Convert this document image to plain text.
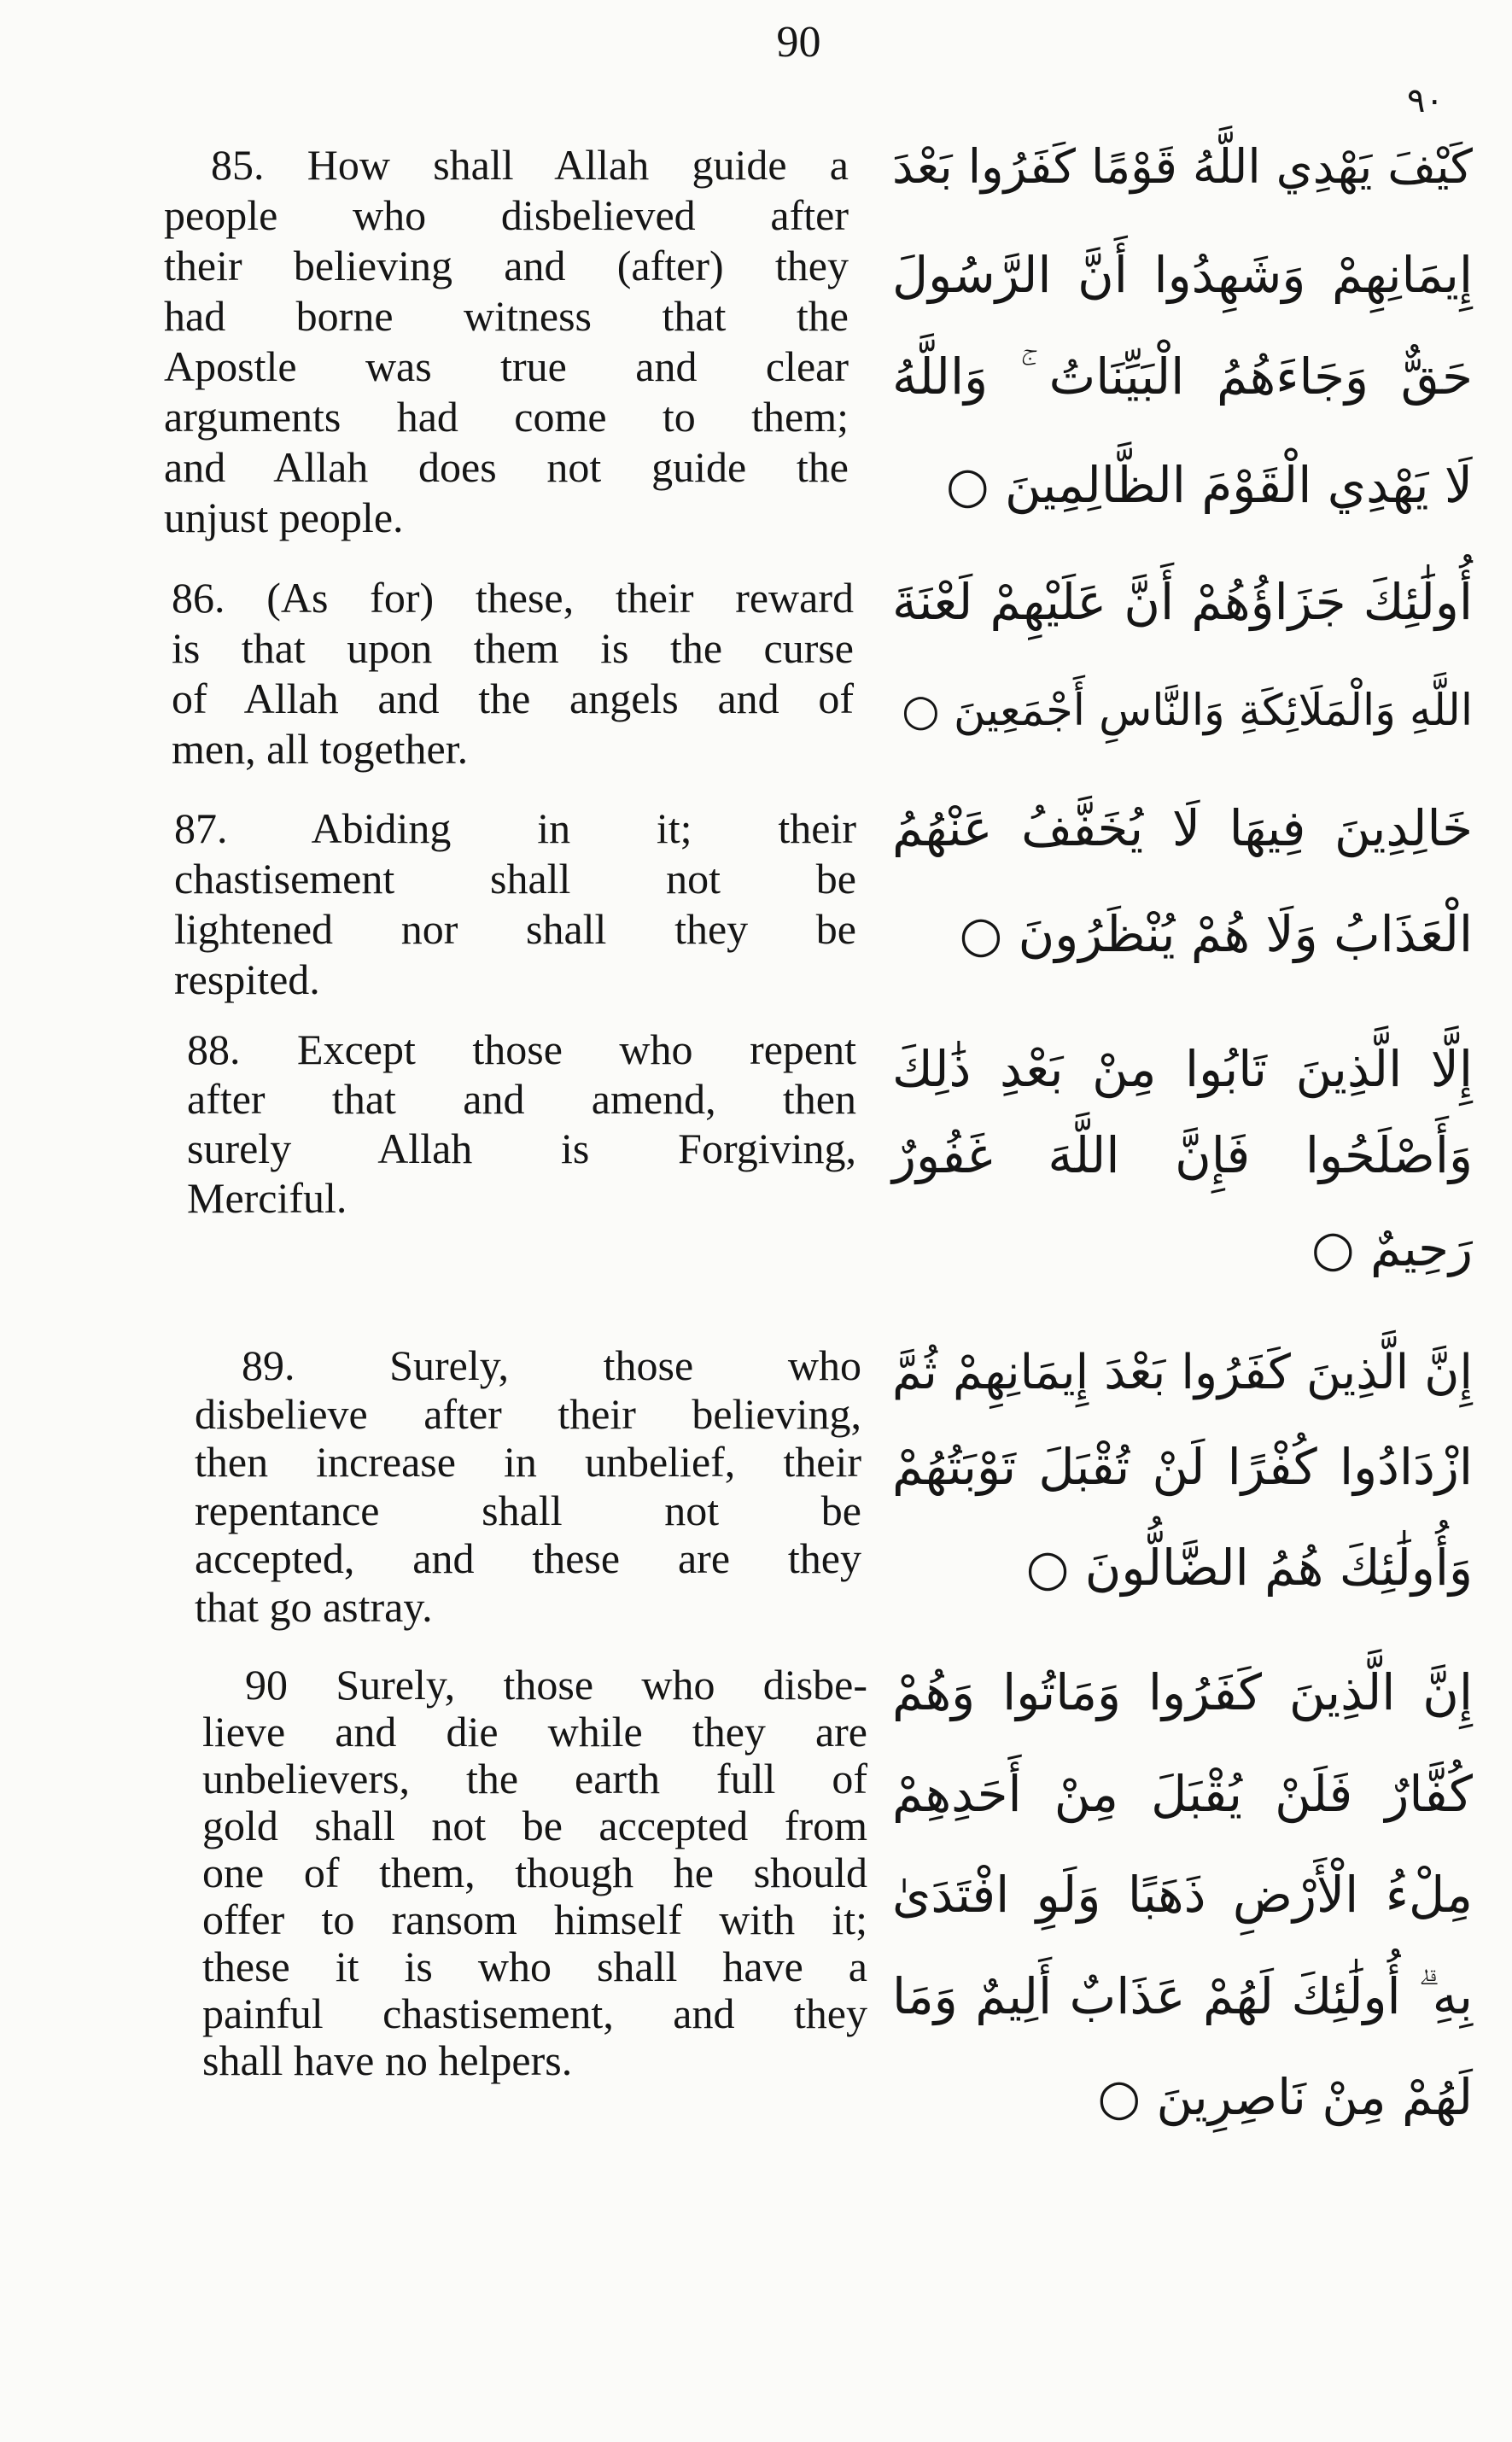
90
٩٠
85. How shall Allah guide a
people who disbelieved after
their believing and (after) they
had borne witness that the
Apostle was true and clear
arguments had come to them;
and Allah does not guide the
unjust people.
86. (As for) these, their reward
is that upon them is the curse
of Allah and the angels and of
men, all together.
87. Abiding in it; their
chastisement shall not be
lightened nor shall they be
respited.
88. Except those who repent
after that and amend, then
surely Allah is Forgiving,
Merciful.
89. Surely, those who
disbelieve after their believing,
then increase in unbelief, their
repentance shall not be
accepted, and these are they
that go astray.
90 Surely, those who disbe-
lieve and die while they are
unbelievers, the earth full of
gold shall not be accepted from
one of them, though he should
offer to ransom himself with it;
these it is who shall have a
painful chastisement, and they
shall have no helpers.
كَيْفَ يَهْدِي اللَّهُ قَوْمًا كَفَرُوا بَعْدَ
إِيمَانِهِمْ وَشَهِدُوا أَنَّ الرَّسُولَ
حَقٌّ وَجَاءَهُمُ الْبَيِّنَاتُ ۚ وَاللَّهُ
لَا يَهْدِي الْقَوْمَ الظَّالِمِينَ ○
أُولَٰئِكَ جَزَاؤُهُمْ أَنَّ عَلَيْهِمْ لَعْنَةَ
اللَّهِ وَالْمَلَائِكَةِ وَالنَّاسِ أَجْمَعِينَ ○
خَالِدِينَ فِيهَا لَا يُخَفَّفُ عَنْهُمُ
الْعَذَابُ وَلَا هُمْ يُنْظَرُونَ ○
إِلَّا الَّذِينَ تَابُوا مِنْ بَعْدِ ذَٰلِكَ
وَأَصْلَحُوا فَإِنَّ اللَّهَ غَفُورٌ
رَحِيمٌ ○
إِنَّ الَّذِينَ كَفَرُوا بَعْدَ إِيمَانِهِمْ ثُمَّ
ازْدَادُوا كُفْرًا لَنْ تُقْبَلَ تَوْبَتُهُمْ
وَأُولَٰئِكَ هُمُ الضَّالُّونَ ○
إِنَّ الَّذِينَ كَفَرُوا وَمَاتُوا وَهُمْ
كُفَّارٌ فَلَنْ يُقْبَلَ مِنْ أَحَدِهِمْ
مِلْءُ الْأَرْضِ ذَهَبًا وَلَوِ افْتَدَىٰ
بِهِ ۗ أُولَٰئِكَ لَهُمْ عَذَابٌ أَلِيمٌ وَمَا
لَهُمْ مِنْ نَاصِرِينَ ○
